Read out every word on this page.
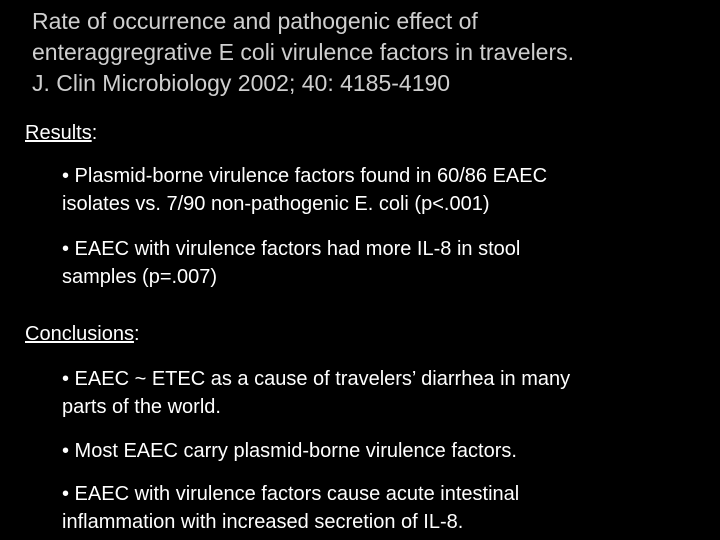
Rate of occurrence and pathogenic effect of
enteraggregrative E coli virulence factors in travelers.
J. Clin Microbiology 2002; 40: 4185-4190

Results:

• Plasmid-borne virulence factors found in 60/86 EAEC
isolates vs. 7/90 non-pathogenic E. coli (p<.001)

• EAEC with virulence factors had more IL-8 in stool
samples (p=.007)

Conclusions:

• EAEC ~ ETEC as a cause of travelers’ diarrhea in many
parts of the world.

• Most EAEC carry plasmid-borne virulence factors.

• EAEC with virulence factors cause acute intestinal
inflammation with increased secretion of IL-8.
